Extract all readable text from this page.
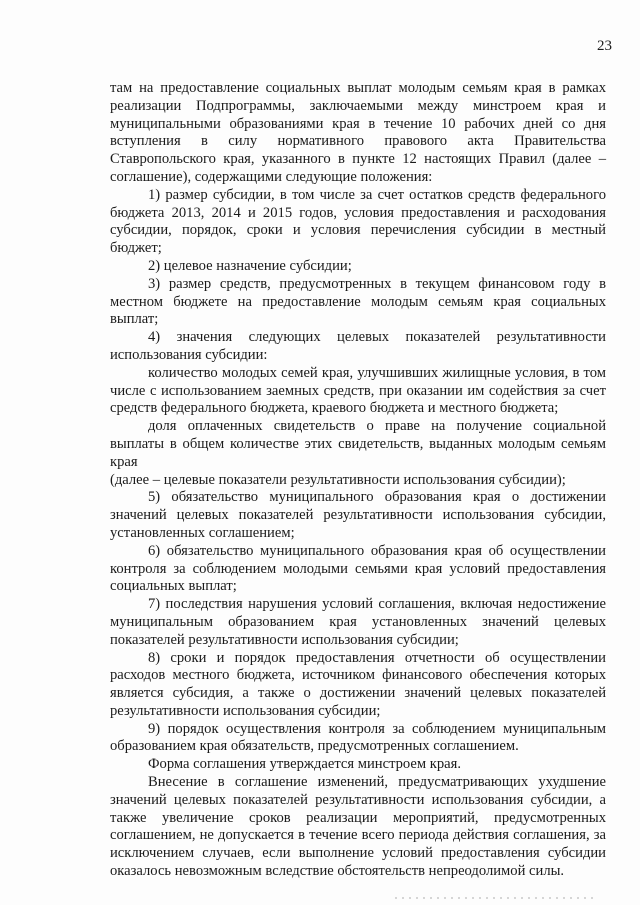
23

там на предоставление социальных выплат молодым семьям края в рамках реализации Подпрограммы, заключаемыми между минстроем края и муниципальными образованиями края в течение 10 рабочих дней со дня вступления в силу нормативного правового акта Правительства Ставропольского края, указанного в пункте 12 настоящих Правил (далее – соглашение), содержащими следующие положения:

1) размер субсидии, в том числе за счет остатков средств федерального бюджета 2013, 2014 и 2015 годов, условия предоставления и расходования субсидии, порядок, сроки и условия перечисления субсидии в местный бюджет;

2) целевое назначение субсидии;

3) размер средств, предусмотренных в текущем финансовом году в местном бюджете на предоставление молодым семьям края социальных выплат;

4) значения следующих целевых показателей результативности использования субсидии:

количество молодых семей края, улучшивших жилищные условия, в том числе с использованием заемных средств, при оказании им содействия за счет средств федерального бюджета, краевого бюджета и местного бюджета;

доля оплаченных свидетельств о праве на получение социальной выплаты в общем количестве этих свидетельств, выданных молодым семьям края

(далее – целевые показатели результативности использования субсидии);

5) обязательство муниципального образования края о достижении значений целевых показателей результативности использования субсидии, установленных соглашением;

6) обязательство муниципального образования края об осуществлении контроля за соблюдением молодыми семьями края условий предоставления социальных выплат;

7) последствия нарушения условий соглашения, включая недостижение муниципальным образованием края установленных значений целевых показателей результативности использования субсидии;

8) сроки и порядок предоставления отчетности об осуществлении расходов местного бюджета, источником финансового обеспечения которых является субсидия, а также о достижении значений целевых показателей результативности использования субсидии;

9) порядок осуществления контроля за соблюдением муниципальным образованием края обязательств, предусмотренных соглашением.

Форма соглашения утверждается минстроем края.

Внесение в соглашение изменений, предусматривающих ухудшение значений целевых показателей результативности использования субсидии, а также увеличение сроков реализации мероприятий, предусмотренных соглашением, не допускается в течение всего периода действия соглашения, за исключением случаев, если выполнение условий предоставления субсидии оказалось невозможным вследствие обстоятельств непреодолимой силы.
